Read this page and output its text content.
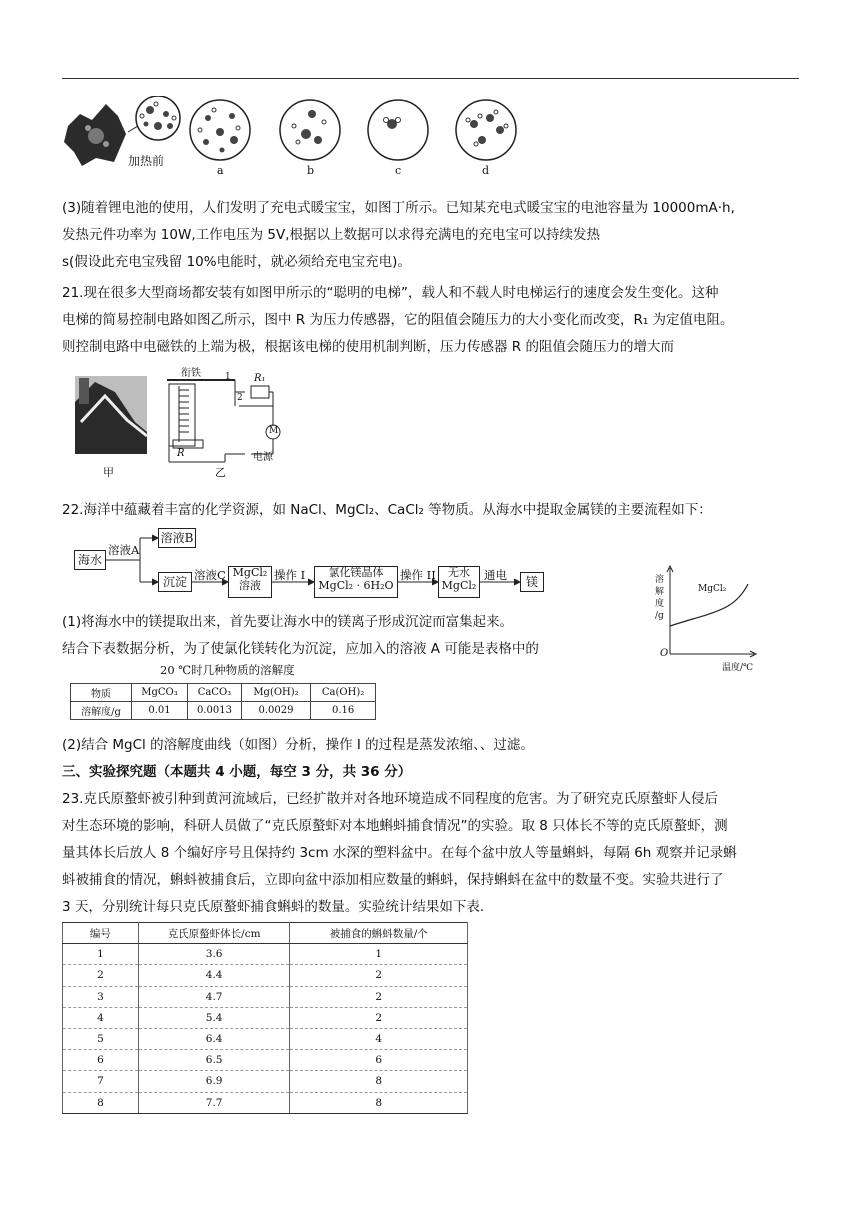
加热前
a	b	c	d
(3)随着锂电池的使用，人们发明了充电式暖宝宝，如图丁所示。已知某充电式暖宝宝的电池容量为 10000mA·h,
发热元件功率为 10W,工作电压为 5V,根据以上数据可以求得充满电的充电宝可以持续发热
s(假设此充电宝残留 10%电能时，就必须给充电宝充电)。
21.现在很多大型商场都安装有如图甲所示的“聪明的电梯”，载人和不载人时电梯运行的速度会发生变化。这种
电梯的简易控制电路如图乙所示，图中 R 为压力传感器，它的阻值会随压力的大小变化而改变，R₁ 为定值电阻。
则控制电路中电磁铁的上端为极，根据该电梯的使用机制判断，压力传感器 R 的阻值会随压力的增大而
衔铁	R₁
1
2
M
R	电源
甲	乙
22.海洋中蕴藏着丰富的化学资源，如 NaCl、MgCl₂、CaCl₂ 等物质。从海水中提取金属镁的主要流程如下：
海水
溶液A
溶液B
沉淀 溶液C MgCl₂
溶液
操作 I	氯化镁晶体
MgCl₂ · 6H₂O
操作 II	无水
MgCl₂
通电	镁	溶
解
度
/g
MgCl₂
O
温度/℃
(1)将海水中的镁提取出来，首先要让海水中的镁离子形成沉淀而富集起来。
结合下表数据分析，为了使氯化镁转化为沉淀，应加入的溶液 A 可能是表格中的
20 ℃时几种物质的溶解度
物质	MgCO₃	CaCO₃	Mg(OH)₂	Ca(OH)₂
溶解度/g	0.01	0.0013	0.0029	0.16
(2)结合 MgCl 的溶解度曲线（如图）分析，操作 I 的过程是蒸发浓缩、、过滤。
三、实验探究题（本题共 4 小题，每空 3 分，共 36 分）
23.克氏原螯虾被引种到黄河流域后，已经扩散并对各地环境造成不同程度的危害。为了研究克氏原螯虾人侵后
对生态环境的影响，科研人员做了“克氏原螯虾对本地蝌蚪捕食情况”的实验。取 8 只体长不等的克氏原螯虾，测
量其体长后放人 8 个编好序号且保持约 3cm 水深的塑料盆中。在每个盆中放人等量蝌蚪，每隔 6h 观察并记录蝌
蚪被捕食的情况，蝌蚪被捕食后，立即向盆中添加相应数量的蝌蚪，保持蝌蚪在盆中的数量不变。实验共进行了
3 天，分别统计每只克氏原螯虾捕食蝌蚪的数量。实验统计结果如下表.
编号	克氏原螯虾体长/cm	被捕食的蝌蚪数量/个
1	3.6	1
2	4.4	2
3	4.7	2
4	5.4	2
5	6.4	4
6	6.5	6
7	6.9	8
8	7.7	8
